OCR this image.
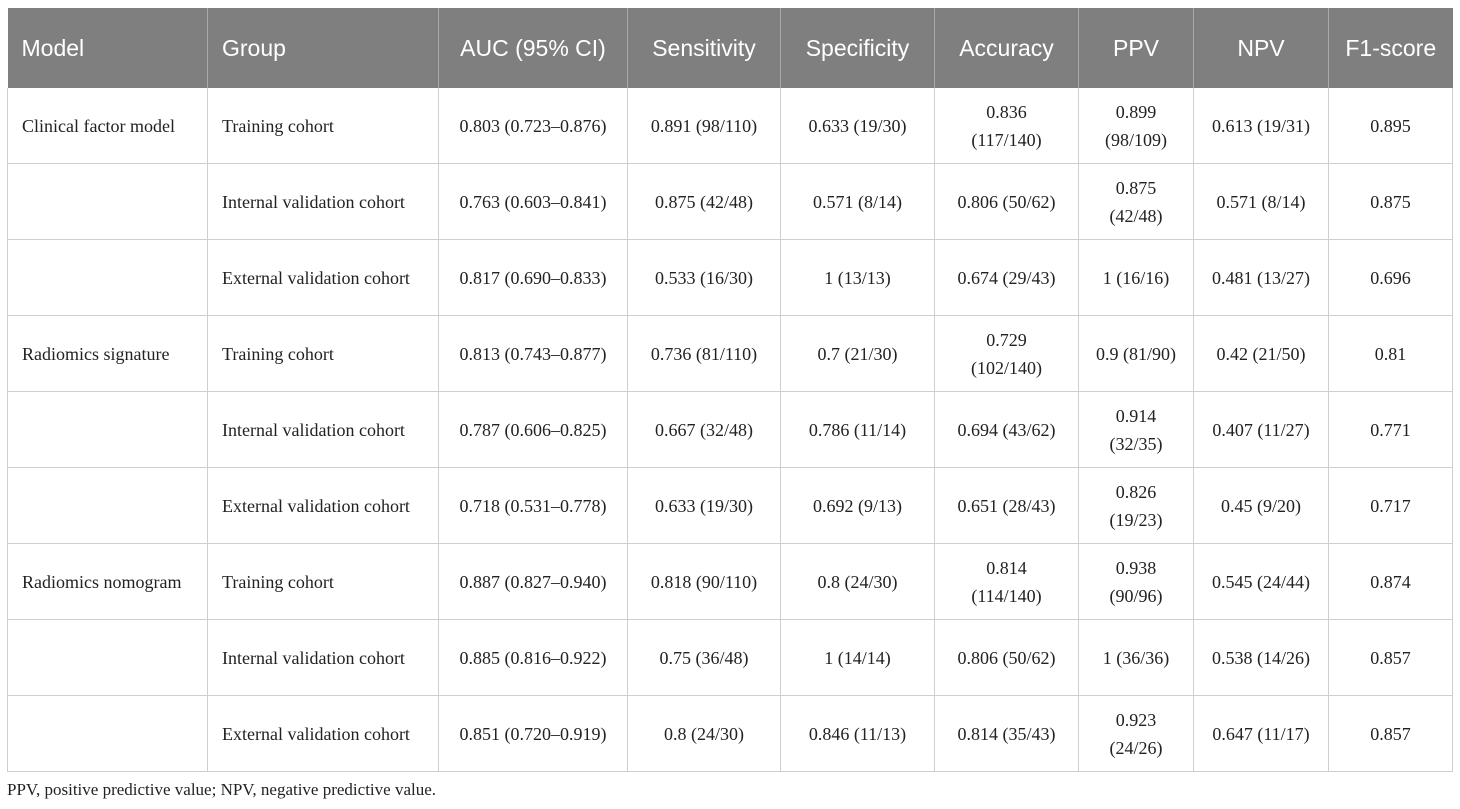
Model	Group	AUC (95% CI)	Sensitivity	Specificity	Accuracy	PPV	NPV	F1-score
Clinical factor model	Training cohort	0.803 (0.723–0.876)	0.891 (98/110)	0.633 (19/30)	0.836 (117/140)	0.899 (98/109)	0.613 (19/31)	0.895
	Internal validation cohort	0.763 (0.603–0.841)	0.875 (42/48)	0.571 (8/14)	0.806 (50/62)	0.875 (42/48)	0.571 (8/14)	0.875
	External validation cohort	0.817 (0.690–0.833)	0.533 (16/30)	1 (13/13)	0.674 (29/43)	1 (16/16)	0.481 (13/27)	0.696
Radiomics signature	Training cohort	0.813 (0.743–0.877)	0.736 (81/110)	0.7 (21/30)	0.729 (102/140)	0.9 (81/90)	0.42 (21/50)	0.81
	Internal validation cohort	0.787 (0.606–0.825)	0.667 (32/48)	0.786 (11/14)	0.694 (43/62)	0.914 (32/35)	0.407 (11/27)	0.771
	External validation cohort	0.718 (0.531–0.778)	0.633 (19/30)	0.692 (9/13)	0.651 (28/43)	0.826 (19/23)	0.45 (9/20)	0.717
Radiomics nomogram	Training cohort	0.887 (0.827–0.940)	0.818 (90/110)	0.8 (24/30)	0.814 (114/140)	0.938 (90/96)	0.545 (24/44)	0.874
	Internal validation cohort	0.885 (0.816–0.922)	0.75 (36/48)	1 (14/14)	0.806 (50/62)	1 (36/36)	0.538 (14/26)	0.857
	External validation cohort	0.851 (0.720–0.919)	0.8 (24/30)	0.846 (11/13)	0.814 (35/43)	0.923 (24/26)	0.647 (11/17)	0.857
PPV, positive predictive value; NPV, negative predictive value.
